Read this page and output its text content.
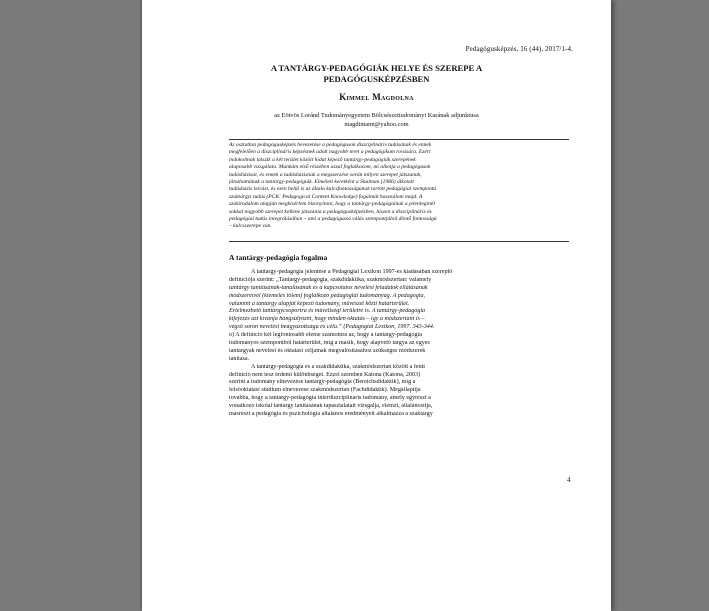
Pedagógusképzés, 16 (44), 2017/1-4.
A TANTÁRGY-PEDAGÓGIÁK HELYE ÉS SZEREPE A
PEDAGÓGUSKÉPZÉSBEN
Kimmel Magdolna
az Eötvös Loránd Tudományegyetem Bölcsészettudományi Karának adjunktusa
magdimann@yahoo.com
Az osztatlan pedagógusképzés bevezetése a pedagógusok diszciplináris tudásának és ennek
megfelelően a diszciplináris képzésnek adott nagyobb teret a pedagógikum rovására. Ezért
indokoltnak látszik a két terület között hidat képező tantárgy-pedagógiák szerepének
alaposabb vizsgálata. Munkám első részében azzal foglalkozom, mi alkotja a pedagógusok
tudásbázisát, és ennek a tudásbázisnak a megszerzése során milyen szerepet játszanak,
játszhatnának a tantárgy-pedagógiák. Elméleti keretként a Shulman (1986) alkotott
tudásbázis leírást, és ezen belül is az általa kulcsfontosságúnak tartott pedagógiai szempontú
szaktárgyi tudás (PCK: Pedagogical Content Knowledge) fogalmát használom majd. A
szakirodalom alapján megkísérlem bizonyítani, hogy a tantárgy-pedagógiának a jelenleginél
sokkal nagyobb szerepet kellene játszania a pedagógusképzésben, hiszen a diszciplináris és
pedagógiai tudás integrálásában – ami a pedagógussá válás szempontjából döntő fontosságú
– kulcsszerepe van.
A tantárgy-pedagógia fogalma
A tantárgy-pedagógia jelentése a Pedagógiai Lexikon 1997-es kiadásában szereplő
definíciója szerint: „Tantárgy-pedagógia, szakdidaktika, szakmódszertan: valamely
tantárgy tanításának-tanulásának és a kapcsolatos nevelési feladatok ellátásának
módszereivel (kiemelés tőlem) foglalkozó pedagógiai tudományág. A pedagógia,
valamint a tantárgy alapját képező tudomány, művészet közti határterület.
Értelmezhető tantárgycsoportra és műveltségi területre is. A tantárgy-pedagógia
kifejezés azt kívánja hangsúlyozni, hogy minden oktatás – így a módszertani is –
végső soron nevelési beágyazottságú és célú.” (Pedagógiai Lexikon, 1997. 343-344.
o) A definíció két legfontosabb eleme számomra az, hogy a tantárgy-pedagógia
tudományos szempontból határterület, míg a másik, hogy alapvető tárgya az egyes
tantárgyak nevelési és oktatási céljainak megvalósításához szükséges módszerek
tanítása.
A tantárgy-pedagógia és a szakdidaktika, szakmódszertan között a fenti
definíció nem tesz érdemi különbséget. Ezzel szemben Katona (Katona, 2003)
szerint a tudomány elnevezése tantárgy-pedagógia (Bereichsdidaktik), míg a
felsőoktatási stúdium elnevezése szakmódszertan (Fachdidaktik). Megállapítja
továbbá, hogy a tantárgy-pedagógia interdiszciplináris tudomány, amely egyrészt a
vonatkozó iskolai tantárgy tanításának tapasztalatait vizsgálja, elemzi, általánosítja,
másrészt a pedagógia és pszichológia általános eredményeit alkalmazza a szaktárgy
4
